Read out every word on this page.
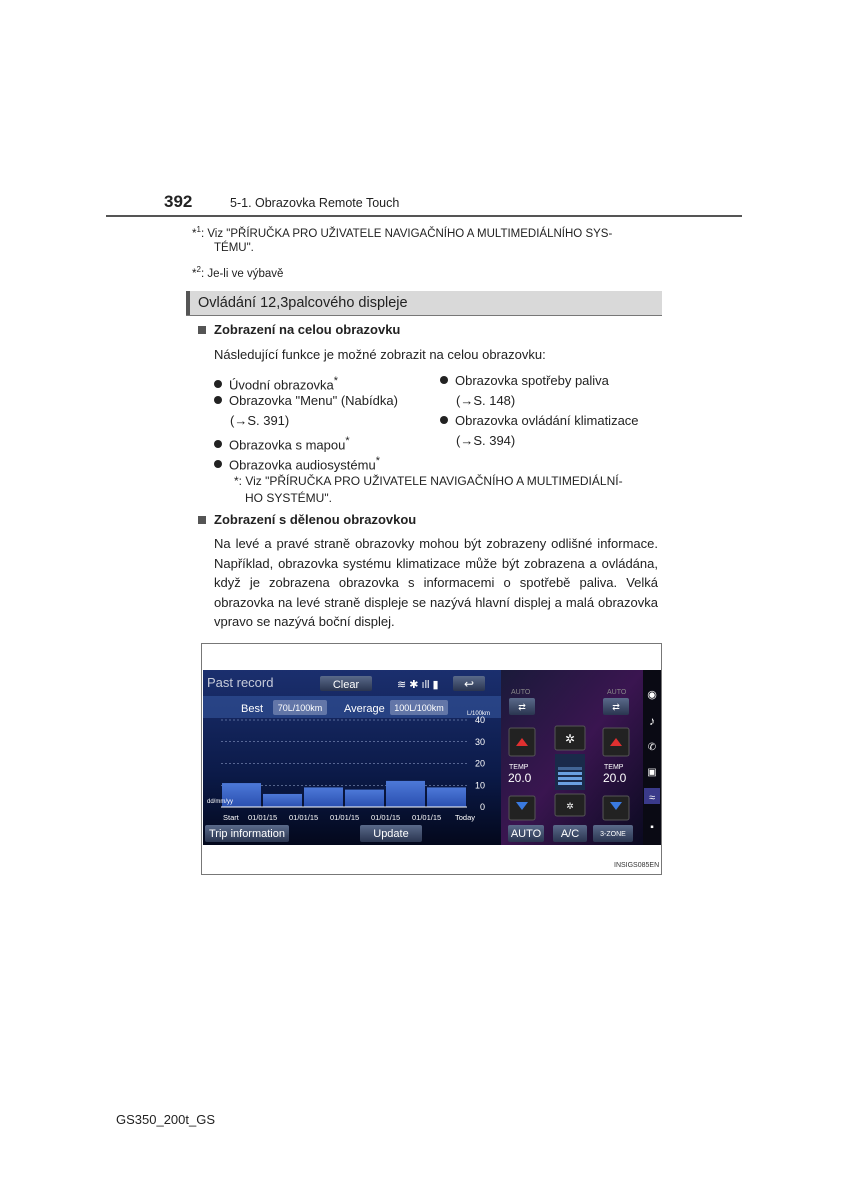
392	5-1. Obrazovka Remote Touch
*$^1$: Viz "PŘÍRUČKA PRO UŽIVATELE NAVIGAČNÍHO A MULTIMEDIÁLNÍHO SYS-
TÉMU".
*$^2$: Je-li ve výbavě
Ovládání 12,3palcového displeje
Zobrazení na celou obrazovku
Následující funkce je možné zobrazit na celou obrazovku:
Úvodní obrazovka*
Obrazovka "Menu" (Nabídka)
(→S. 391)
Obrazovka s mapou*
Obrazovka audiosystému*
Obrazovka spotřeby paliva
(→S. 148)
Obrazovka ovládání klimatizace
(→S. 394)
*: Viz "PŘÍRUČKA PRO UŽIVATELE NAVIGAČNÍHO A MULTIMEDIÁLNÍ-
HO SYSTÉMU".
Zobrazení s dělenou obrazovkou
Na levé a pravé straně obrazovky mohou být zobrazeny odlišné informace. Například, obrazovka systému klimatizace může být zobrazena a ovládána, když je zobrazena obrazovka s informacemi o spotřebě paliva. Velká obrazovka na levé straně displeje se nazývá hlavní displej a malá obrazovka vpravo se nazývá boční displej.
Past record	Clear	≋ ✱ ıll ▮ ↩
Best 70L/100km Average 100L/100km
L/100km
0
10
20
30
40
Start 01/01/15 01/01/15 01/01/15 01/01/15 01/01/15 Today
dd/mm/yy
Trip information	Update
AUTO
⇄
AUTO
⇄
TEMP
20.0
✲
✲
TEMP
20.0
AUTO A/C	3-ZONE
◉
♪
✆
▣
≈
▪
INSIGS085EN
GS350_200t_GS
